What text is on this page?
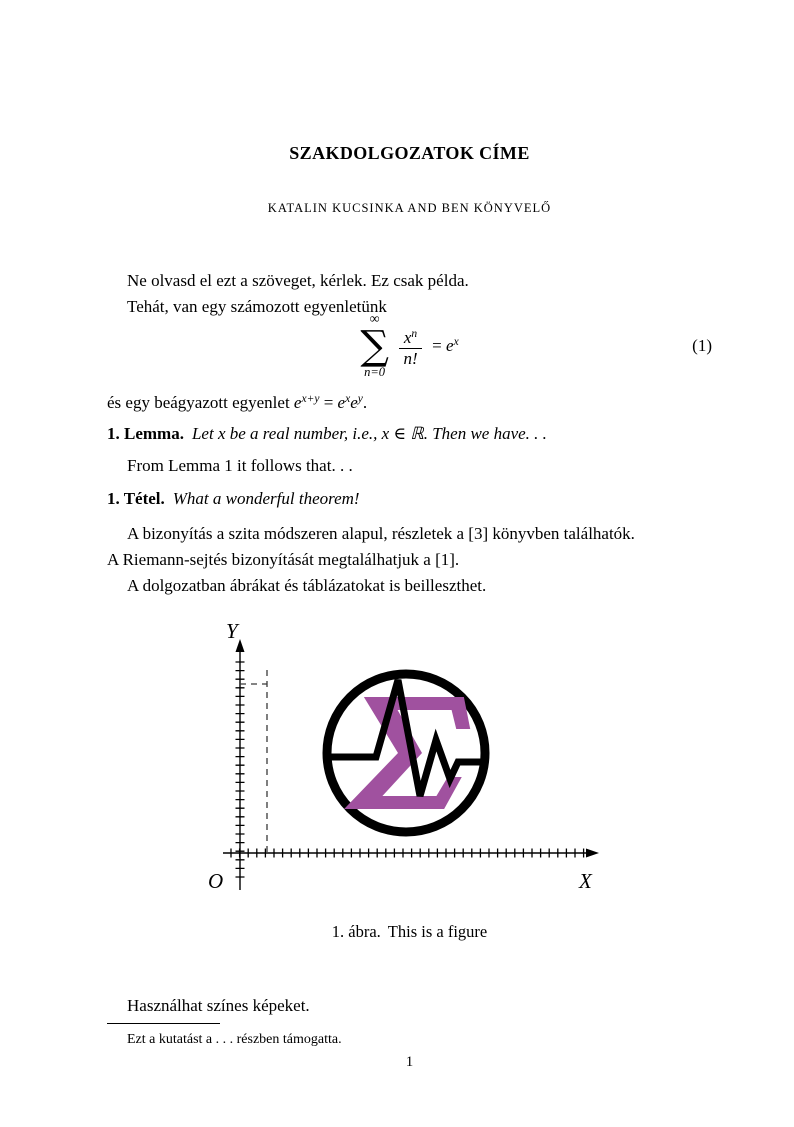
SZAKDOLGOZATOK CÍME
KATALIN KUCSINKA AND BEN KÖNYVELŐ
Ne olvasd el ezt a szöveget, kérlek. Ez csak példa.
Tehát, van egy számozott egyenletünk
∞
∑
n=0
$\frac{x^n}{n!} = e^x$	(1)
és egy beágyazott egyenlet $e^{x+y} = e^xe^y$.
1. Lemma. Let x be a real number, i.e., x ∈ ℝ. Then we have. . .
From Lemma 1 it follows that. . .
1. Tétel. What a wonderful theorem!
A bizonyítás a szita módszeren alapul, részletek a [3] könyvben találhatók.
A Riemann-sejtés bizonyítását megtalálhatjuk a [1].
A dolgozatban ábrákat és táblázatokat is beilleszthet.
Y
X
O
1. ábra. This is a figure
Használhat színes képeket.
Ezt a kutatást a . . . részben támogatta.
1
